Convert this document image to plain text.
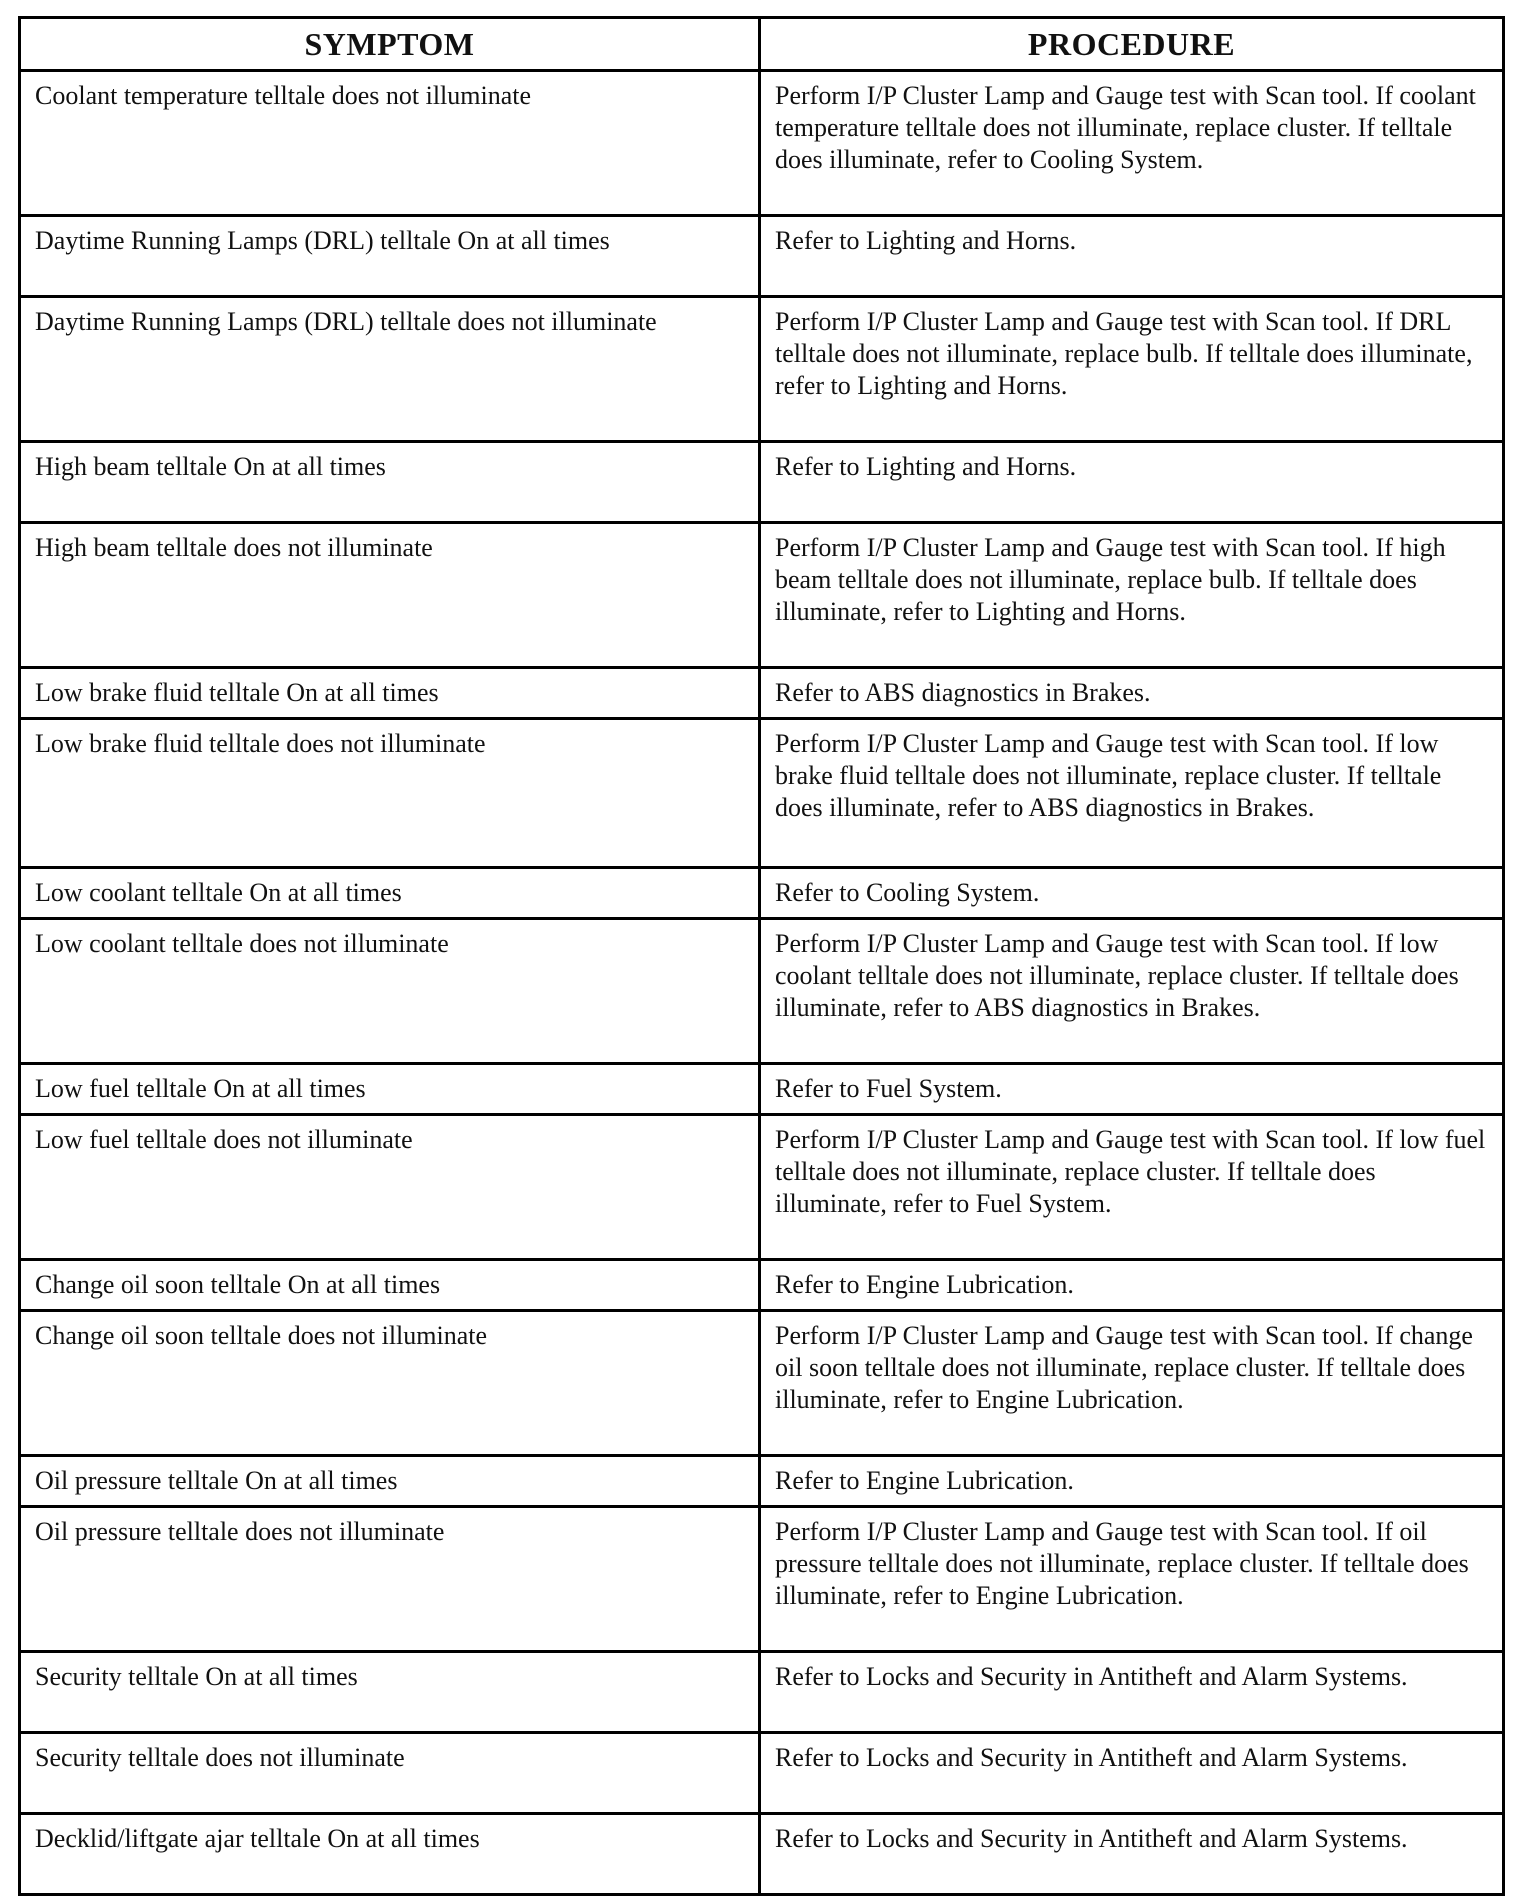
SYMPTOM	PROCEDURE
Coolant temperature telltale does not illuminate	Perform I/P Cluster Lamp and Gauge test with Scan tool. If coolant temperature telltale does not illuminate, replace cluster. If telltale does illuminate, refer to Cooling System.
Daytime Running Lamps (DRL) telltale On at all times	Refer to Lighting and Horns.
Daytime Running Lamps (DRL) telltale does not illuminate	Perform I/P Cluster Lamp and Gauge test with Scan tool. If DRL telltale does not illuminate, replace bulb. If telltale does illuminate, refer to Lighting and Horns.
High beam telltale On at all times	Refer to Lighting and Horns.
High beam telltale does not illuminate	Perform I/P Cluster Lamp and Gauge test with Scan tool. If high beam telltale does not illuminate, replace bulb. If telltale does illuminate, refer to Lighting and Horns.
Low brake fluid telltale On at all times	Refer to ABS diagnostics in Brakes.
Low brake fluid telltale does not illuminate	Perform I/P Cluster Lamp and Gauge test with Scan tool. If low brake fluid telltale does not illuminate, replace cluster. If telltale does illuminate, refer to ABS diagnostics in Brakes.
Low coolant telltale On at all times	Refer to Cooling System.
Low coolant telltale does not illuminate	Perform I/P Cluster Lamp and Gauge test with Scan tool. If low coolant telltale does not illuminate, replace cluster. If telltale does illuminate, refer to ABS diagnostics in Brakes.
Low fuel telltale On at all times	Refer to Fuel System.
Low fuel telltale does not illuminate	Perform I/P Cluster Lamp and Gauge test with Scan tool. If low fuel telltale does not illuminate, replace cluster. If telltale does illuminate, refer to Fuel System.
Change oil soon telltale On at all times	Refer to Engine Lubrication.
Change oil soon telltale does not illuminate	Perform I/P Cluster Lamp and Gauge test with Scan tool. If change oil soon telltale does not illuminate, replace cluster. If telltale does illuminate, refer to Engine Lubrication.
Oil pressure telltale On at all times	Refer to Engine Lubrication.
Oil pressure telltale does not illuminate	Perform I/P Cluster Lamp and Gauge test with Scan tool. If oil pressure telltale does not illuminate, replace cluster. If telltale does illuminate, refer to Engine Lubrication.
Security telltale On at all times	Refer to Locks and Security in Antitheft and Alarm Systems.
Security telltale does not illuminate	Refer to Locks and Security in Antitheft and Alarm Systems.
Decklid/liftgate ajar telltale On at all times	Refer to Locks and Security in Antitheft and Alarm Systems.
